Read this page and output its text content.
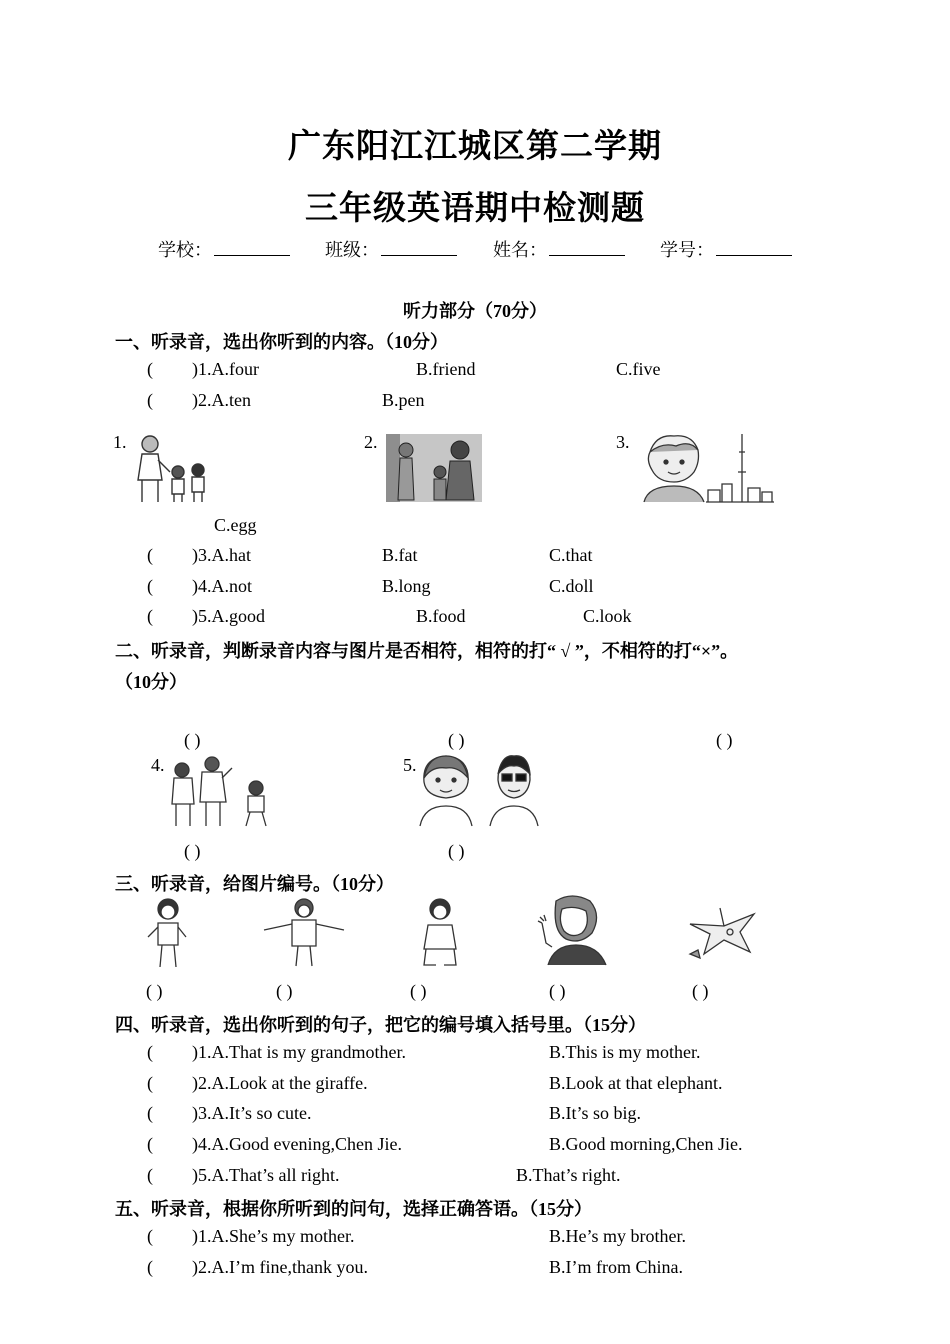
广东阳江江城区第二学期
三年级英语期中检测题
学校：	班级：	姓名：	学号：
听力部分（70分）
一、听录音，选出你听到的内容。（10分）
( )1.A.four	B.friend	C.five
( )2.A.ten	B.pen
1.	2.	3.
C.egg
( )3.A.hat	B.fat	C.that
( )4.A.not	B.long	C.doll
( )5.A.good	B.food	C.look
二、听录音，判断录音内容与图片是否相符，相符的打“ √ ”，不相符的打“×”。
（10分）
( )	( )	( )
4.	5.
( )	( )
三、听录音，给图片编号。（10分）
( )	( )	( )	( )	( )
四、听录音，选出你听到的句子，把它的编号填入括号里。（15分）
( )1.A.That is my grandmother.	B.This is my mother.
( )2.A.Look at the giraffe.	B.Look at that elephant.
( )3.A.It’s so cute.	B.It’s so big.
( )4.A.Good evening,Chen Jie.	B.Good morning,Chen Jie.
( )5.A.That’s all right.	B.That’s right.
五、听录音，根据你所听到的问句，选择正确答语。（15分）
( )1.A.She’s my mother.	B.He’s my brother.
( )2.A.I’m fine,thank you.	B.I’m from China.
